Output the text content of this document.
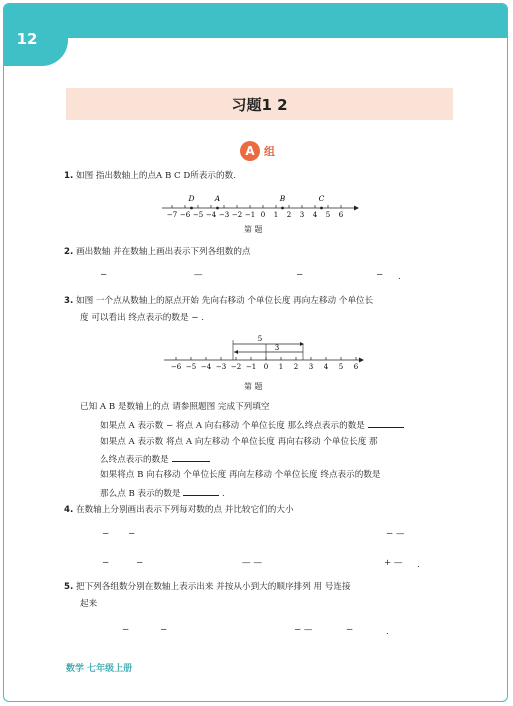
12
习题1 2
A 组
1. 如图 指出数轴上的点A B C D所表示的数.
−7 −6 −5 −4 −3 −2 −1 0 1 2 3 4 5 6
D	A	B	C
第 题
2. 画出数轴 并在数轴上画出表示下列各组数的点
−	—	−	− .
3. 如图 一个点从数轴上的原点开始 先向右移动 个单位长度 再向左移动 个单位长
度 可以看出 终点表示的数是 − .
−6 −5 −4 −3 −2 −1 0 1 2 3 4 5 6
5
3
第 题
已知 A B 是数轴上的点 请参照题图 完成下列填空
如果点 A 表示数 − 将点 A 向右移动 个单位长度 那么终点表示的数是
如果点 A 表示数 将点 A 向左移动 个单位长度 再向右移动 个单位长度 那
么终点表示的数是
如果将点 B 向右移动 个单位长度 再向左移动 个单位长度 终点表示的数是
那么点 B 表示的数是	.
4. 在数轴上分别画出表示下列每对数的点 并比较它们的大小
− −	− —
−	−	— —	+ — .
5. 把下列各组数分别在数轴上表示出来 并按从小到大的顺序排列 用 号连接
起来
−	−	− —	−	.
数学 七年级上册
